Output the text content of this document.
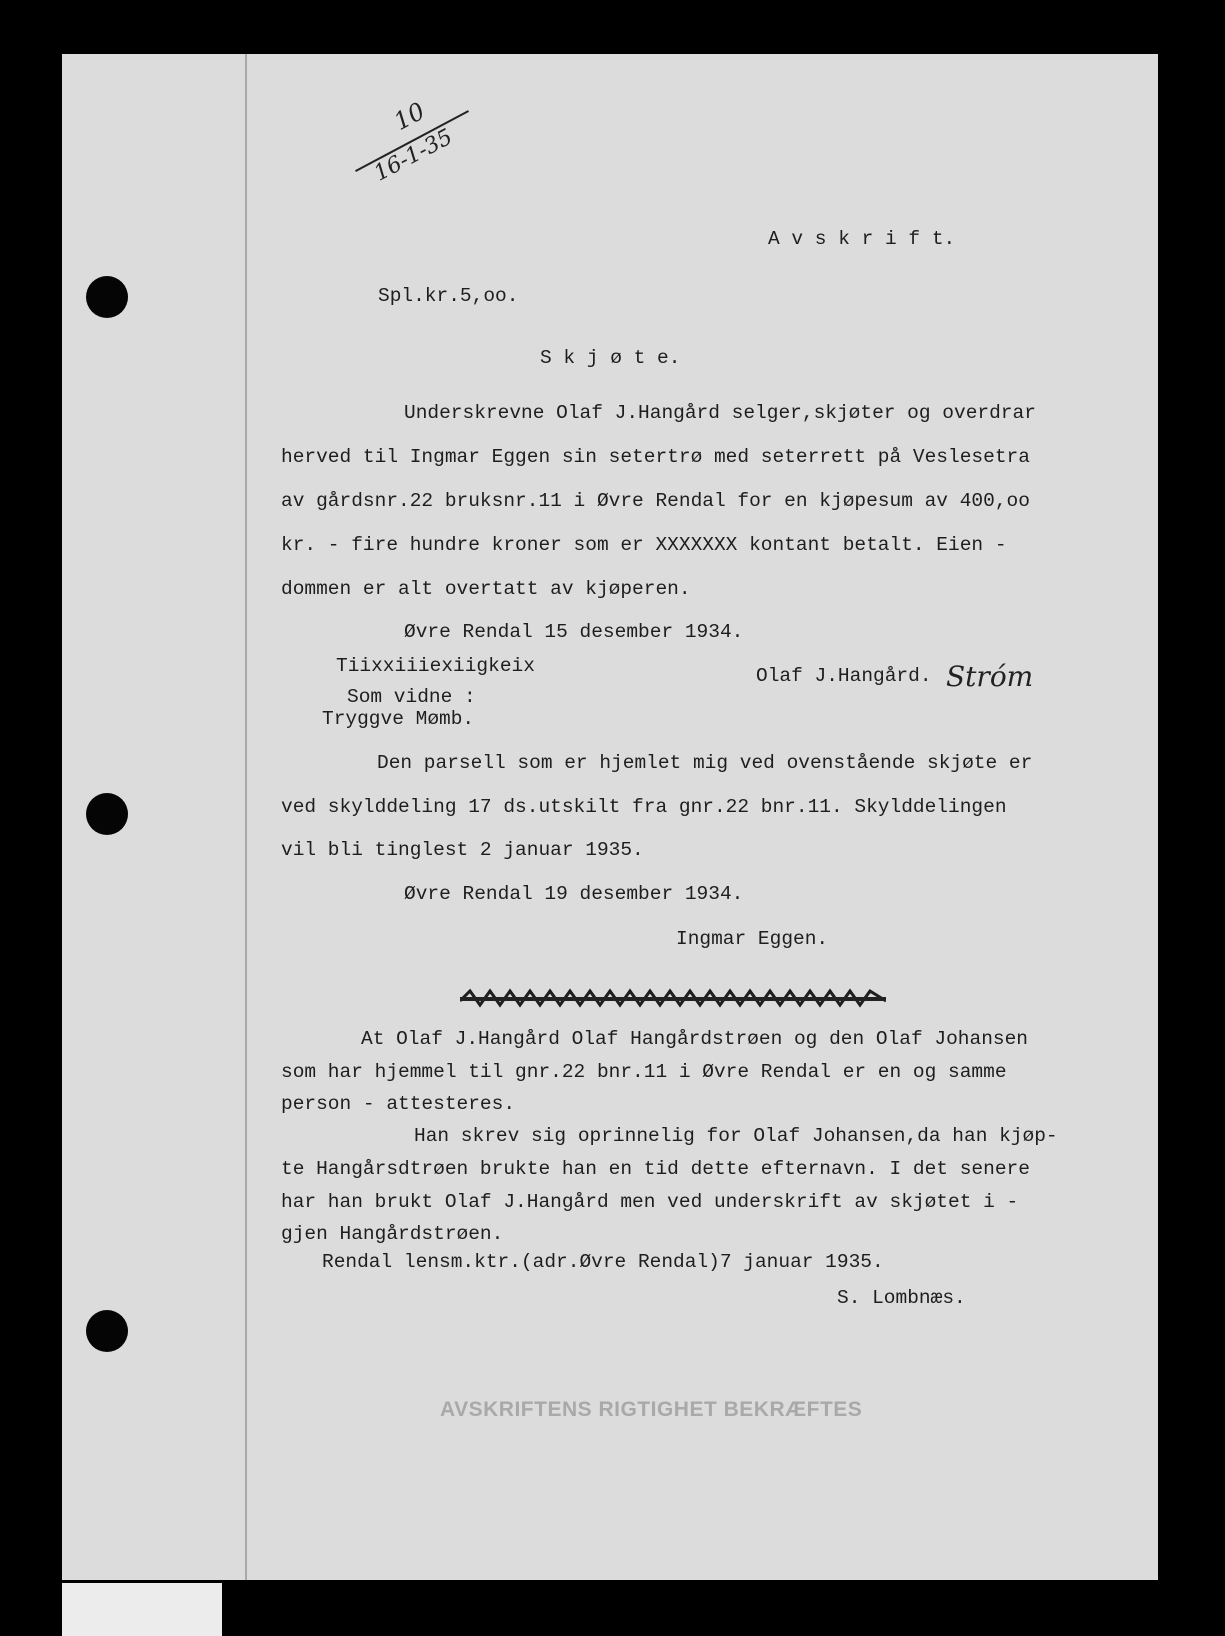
10
16-1-35
A v s k r i f t.
Spl.kr.5,oo.
S k j ø t e.
Underskrevne Olaf J.Hangård selger,skjøter og overdrar
herved til Ingmar Eggen sin setertrø med seterrett på Veslesetra
av gårdsnr.22 bruksnr.11 i Øvre Rendal for en kjøpesum av 400,oo
kr. - fire hundre kroner som er XXXXXXX kontant betalt. Eien -
dommen er alt overtatt av kjøperen.
Øvre Rendal 15 desember 1934.
Tiixxiiiexiigkeix	Olaf J.Hangård. Stróm
Som vidne :
Tryggve Mømb.
Den parsell som er hjemlet mig ved ovenstående skjøte er
ved skylddeling 17 ds.utskilt fra gnr.22 bnr.11. Skylddelingen
vil bli tinglest 2 januar 1935.
Øvre Rendal 19 desember 1934.
Ingmar Eggen.
At Olaf J.Hangård Olaf Hangårdstrøen og den Olaf Johansen
som har hjemmel til gnr.22 bnr.11 i Øvre Rendal er en og samme
person - attesteres.
Han skrev sig oprinnelig for Olaf Johansen,da han kjøp-
te Hangårsdtrøen brukte han en tid dette efternavn. I det senere
har han brukt Olaf J.Hangård men ved underskrift av skjøtet i -
gjen Hangårdstrøen.
Rendal lensm.ktr.(adr.Øvre Rendal)7 januar 1935.
S. Lombnæs.
AVSKRIFTENS RIGTIGHET BEKRÆFTES
